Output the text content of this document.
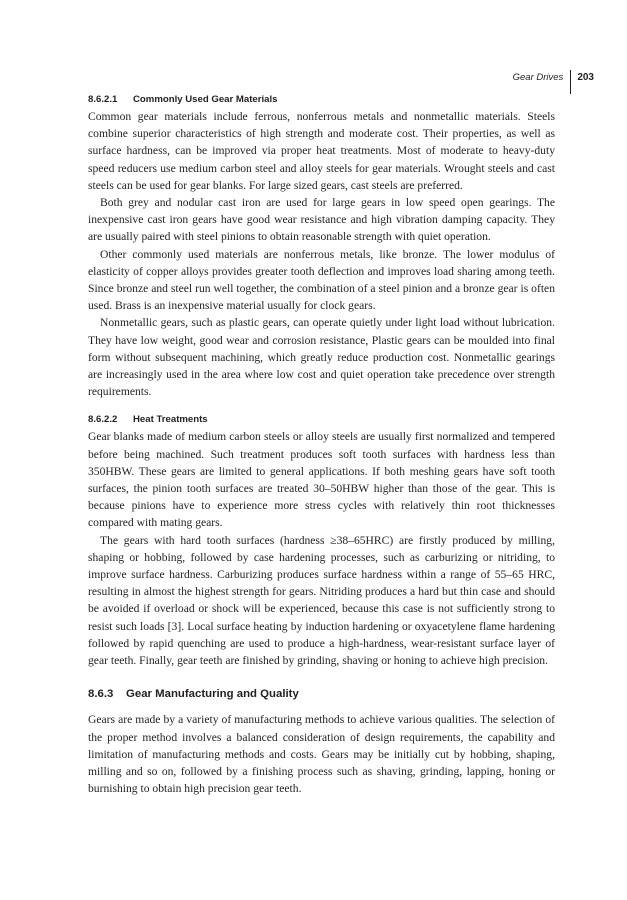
Gear Drives	203
8.6.2.1 Commonly Used Gear Materials

Common gear materials include ferrous, nonferrous metals and nonmetallic materials. Steels combine superior characteristics of high strength and moderate cost. Their properties, as well as surface hardness, can be improved via proper heat treatments. Most of moderate to heavy-duty speed reducers use medium carbon steel and alloy steels for gear materials. Wrought steels and cast steels can be used for gear blanks. For large sized gears, cast steels are preferred.

Both grey and nodular cast iron are used for large gears in low speed open gearings. The inexpensive cast iron gears have good wear resistance and high vibration damping capacity. They are usually paired with steel pinions to obtain reasonable strength with quiet operation.

Other commonly used materials are nonferrous metals, like bronze. The lower modulus of elasticity of copper alloys provides greater tooth deflection and improves load sharing among teeth. Since bronze and steel run well together, the combination of a steel pinion and a bronze gear is often used. Brass is an inexpensive material usually for clock gears.

Nonmetallic gears, such as plastic gears, can operate quietly under light load without lubrication. They have low weight, good wear and corrosion resistance, Plastic gears can be moulded into final form without subsequent machining, which greatly reduce production cost. Nonmetallic gearings are increasingly used in the area where low cost and quiet operation take precedence over strength requirements.

8.6.2.2 Heat Treatments

Gear blanks made of medium carbon steels or alloy steels are usually first normalized and tempered before being machined. Such treatment produces soft tooth surfaces with hardness less than 350HBW. These gears are limited to general applications. If both meshing gears have soft tooth surfaces, the pinion tooth surfaces are treated 30–50HBW higher than those of the gear. This is because pinions have to experience more stress cycles with relatively thin root thicknesses compared with mating gears.

The gears with hard tooth surfaces (hardness ≥38–65HRC) are firstly produced by milling, shaping or hobbing, followed by case hardening processes, such as carburizing or nitriding, to improve surface hardness. Carburizing produces surface hardness within a range of 55–65 HRC, resulting in almost the highest strength for gears. Nitriding produces a hard but thin case and should be avoided if overload or shock will be experienced, because this case is not sufficiently strong to resist such loads [3]. Local surface heating by induction hardening or oxyacetylene flame hardening followed by rapid quenching are used to produce a high-hardness, wear-resistant surface layer of gear teeth. Finally, gear teeth are finished by grinding, shaving or honing to achieve high precision.

8.6.3 Gear Manufacturing and Quality

Gears are made by a variety of manufacturing methods to achieve various qualities. The selection of the proper method involves a balanced consideration of design requirements, the capability and limitation of manufacturing methods and costs. Gears may be initially cut by hobbing, shaping, milling and so on, followed by a finishing process such as shaving, grinding, lapping, honing or burnishing to obtain high precision gear teeth.
